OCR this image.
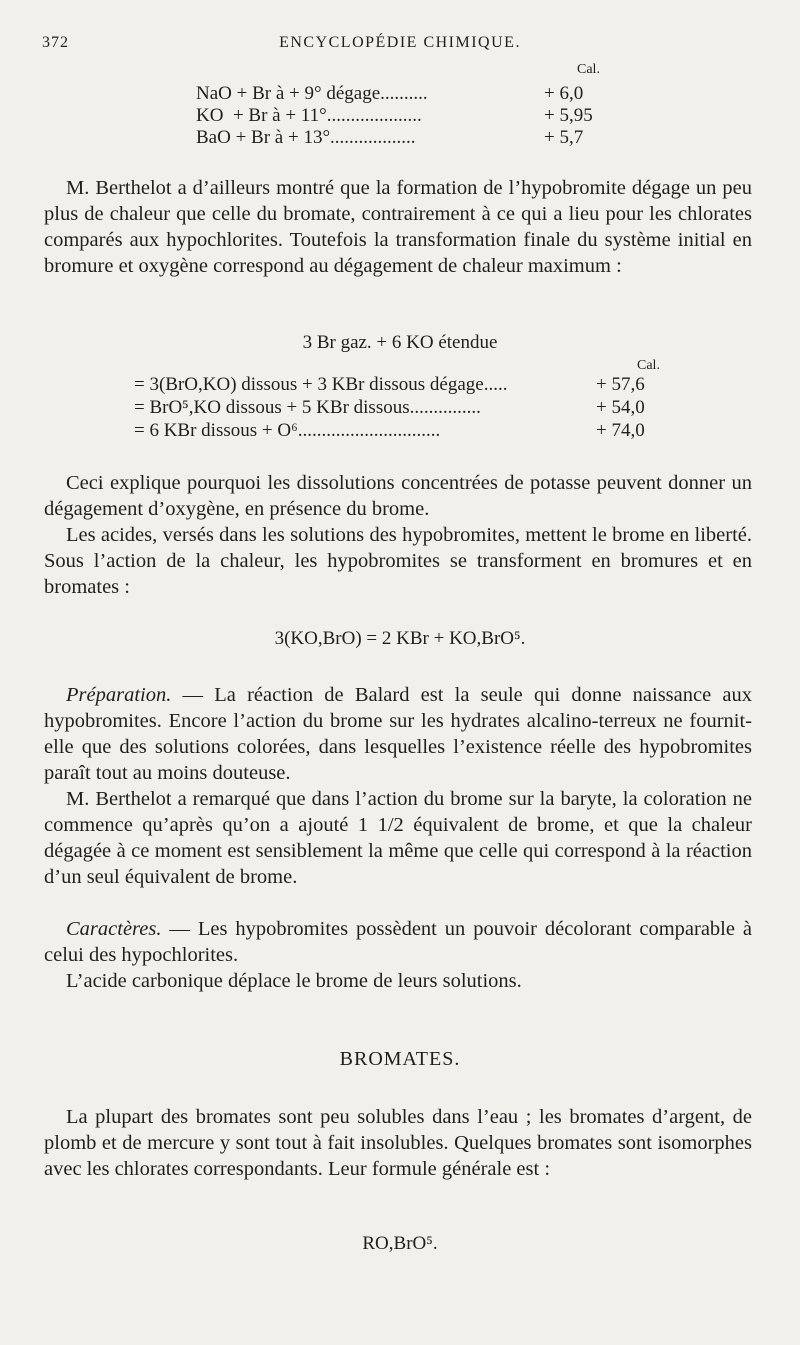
372	ENCYCLOPÉDIE CHIMIQUE.
Cal.
NaO + Br à + 9° dégage..........	+ 6,0
KO  + Br à + 11°....................	+ 5,95
BaO + Br à + 13°..................	+ 5,7
M. Berthelot a d’ailleurs montré que la formation de l’hypobromite dégage un peu plus de chaleur que celle du bromate, contrairement à ce qui a lieu pour les chlorates comparés aux hypochlorites. Toutefois la transformation finale du système initial en bromure et oxygène correspond au dégagement de chaleur maximum :
3 Br gaz. + 6 KO étendue
Cal.
= 3(BrO,KO) dissous + 3 KBr dissous dégage.....	+ 57,6
= BrO⁵,KO dissous + 5 KBr dissous...............	+ 54,0
= 6 KBr dissous + O⁶..............................	+ 74,0
Ceci explique pourquoi les dissolutions concentrées de potasse peuvent donner un dégagement d’oxygène, en présence du brome.
Les acides, versés dans les solutions des hypobromites, mettent le brome en liberté. Sous l’action de la chaleur, les hypobromites se transforment en bromures et en bromates :
3(KO,BrO) = 2 KBr + KO,BrO⁵.
Préparation. — La réaction de Balard est la seule qui donne naissance aux hypobromites. Encore l’action du brome sur les hydrates alcalino-terreux ne fournit-elle que des solutions colorées, dans lesquelles l’existence réelle des hypobromites paraît tout au moins douteuse.
M. Berthelot a remarqué que dans l’action du brome sur la baryte, la coloration ne commence qu’après qu’on a ajouté 1 1/2 équivalent de brome, et que la chaleur dégagée à ce moment est sensiblement la même que celle qui correspond à la réaction d’un seul équivalent de brome.
Caractères. — Les hypobromites possèdent un pouvoir décolorant comparable à celui des hypochlorites.
L’acide carbonique déplace le brome de leurs solutions.
BROMATES.
La plupart des bromates sont peu solubles dans l’eau ; les bromates d’argent, de plomb et de mercure y sont tout à fait insolubles. Quelques bromates sont isomorphes avec les chlorates correspondants. Leur formule générale est :
RO,BrO⁵.
